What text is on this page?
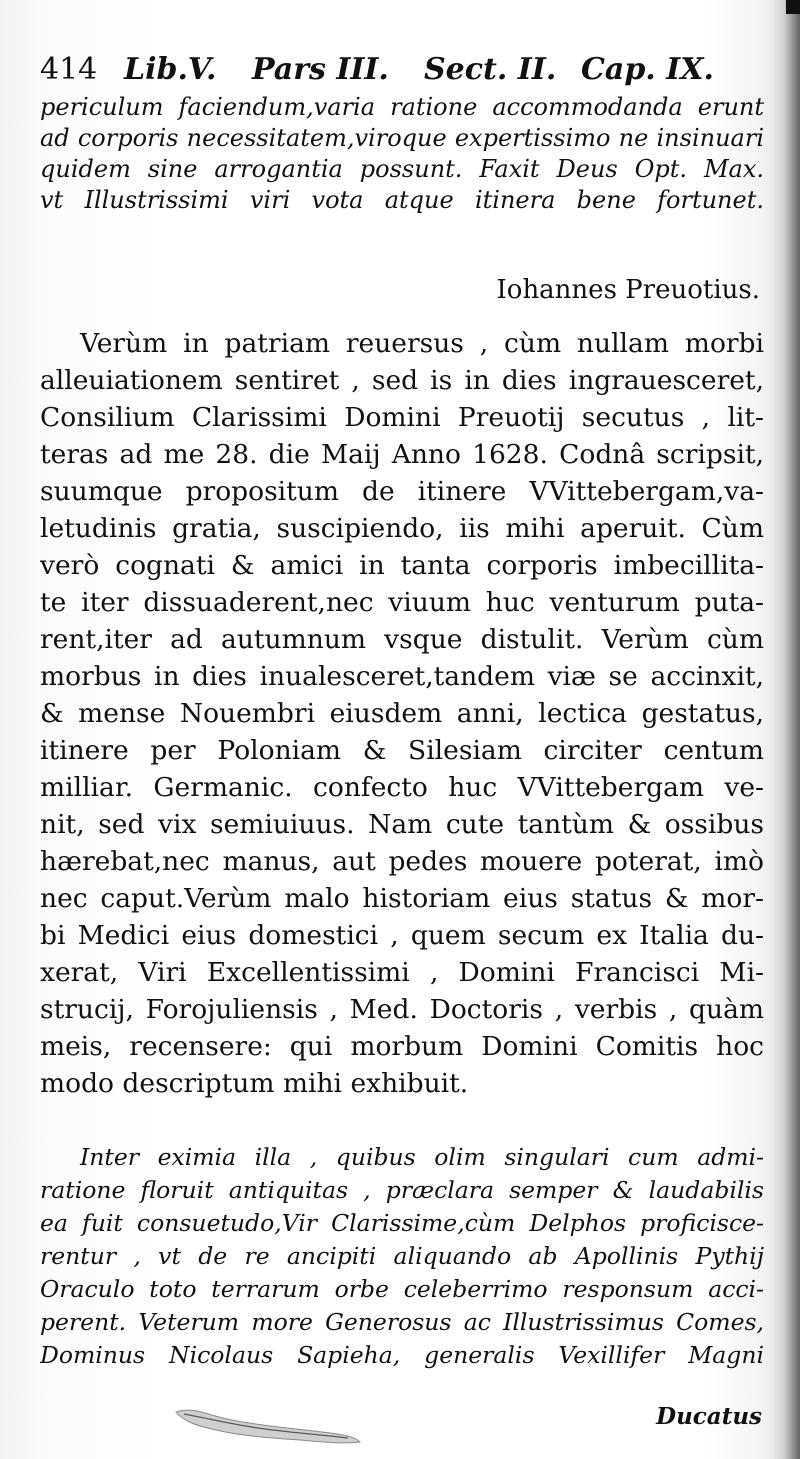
414 Lib.V. Pars III. Sect. II. Cap. IX.
periculum faciendum,varia ratione accommodanda erunt
ad corporis necessitatem,viroque expertissimo ne insinuari
quidem sine arrogantia possunt. Faxit Deus Opt. Max.
vt Illustrissimi viri vota atque itinera bene fortunet.
Iohannes Preuotius.
Verùm in patriam reuersus , cùm nullam morbi
alleuiationem sentiret , sed is in dies ingrauesceret,
Consilium Clarissimi Domini Preuotij secutus , lit-
teras ad me 28. die Maij Anno 1628. Codnâ scripsit,
suumque propositum de itinere VVittebergam,va-
letudinis gratia, suscipiendo, iis mihi aperuit. Cùm
verò cognati & amici in tanta corporis imbecillita-
te iter dissuaderent,nec viuum huc venturum puta-
rent,iter ad autumnum vsque distulit. Verùm cùm
morbus in dies inualesceret,tandem viæ se accinxit,
& mense Nouembri eiusdem anni, lectica gestatus,
itinere per Poloniam & Silesiam circiter centum
milliar. Germanic. confecto huc VVittebergam ve-
nit, sed vix semiuiuus. Nam cute tantùm & ossibus
hærebat,nec manus, aut pedes mouere poterat, imò
nec caput.Verùm malo historiam eius status & mor-
bi Medici eius domestici , quem secum ex Italia du-
xerat, Viri Excellentissimi , Domini Francisci Mi-
strucij, Forojuliensis , Med. Doctoris , verbis , quàm
meis, recensere: qui morbum Domini Comitis hoc
modo descriptum mihi exhibuit.
Inter eximia illa , quibus olim singulari cum admi-
ratione floruit antiquitas , præclara semper & laudabilis
ea fuit consuetudo,Vir Clarissime,cùm Delphos proficisce-
rentur , vt de re ancipiti aliquando ab Apollinis Pythij
Oraculo toto terrarum orbe celeberrimo responsum acci-
perent. Veterum more Generosus ac Illustrissimus Comes,
Dominus Nicolaus Sapieha, generalis Vexillifer Magni
Ducatus
